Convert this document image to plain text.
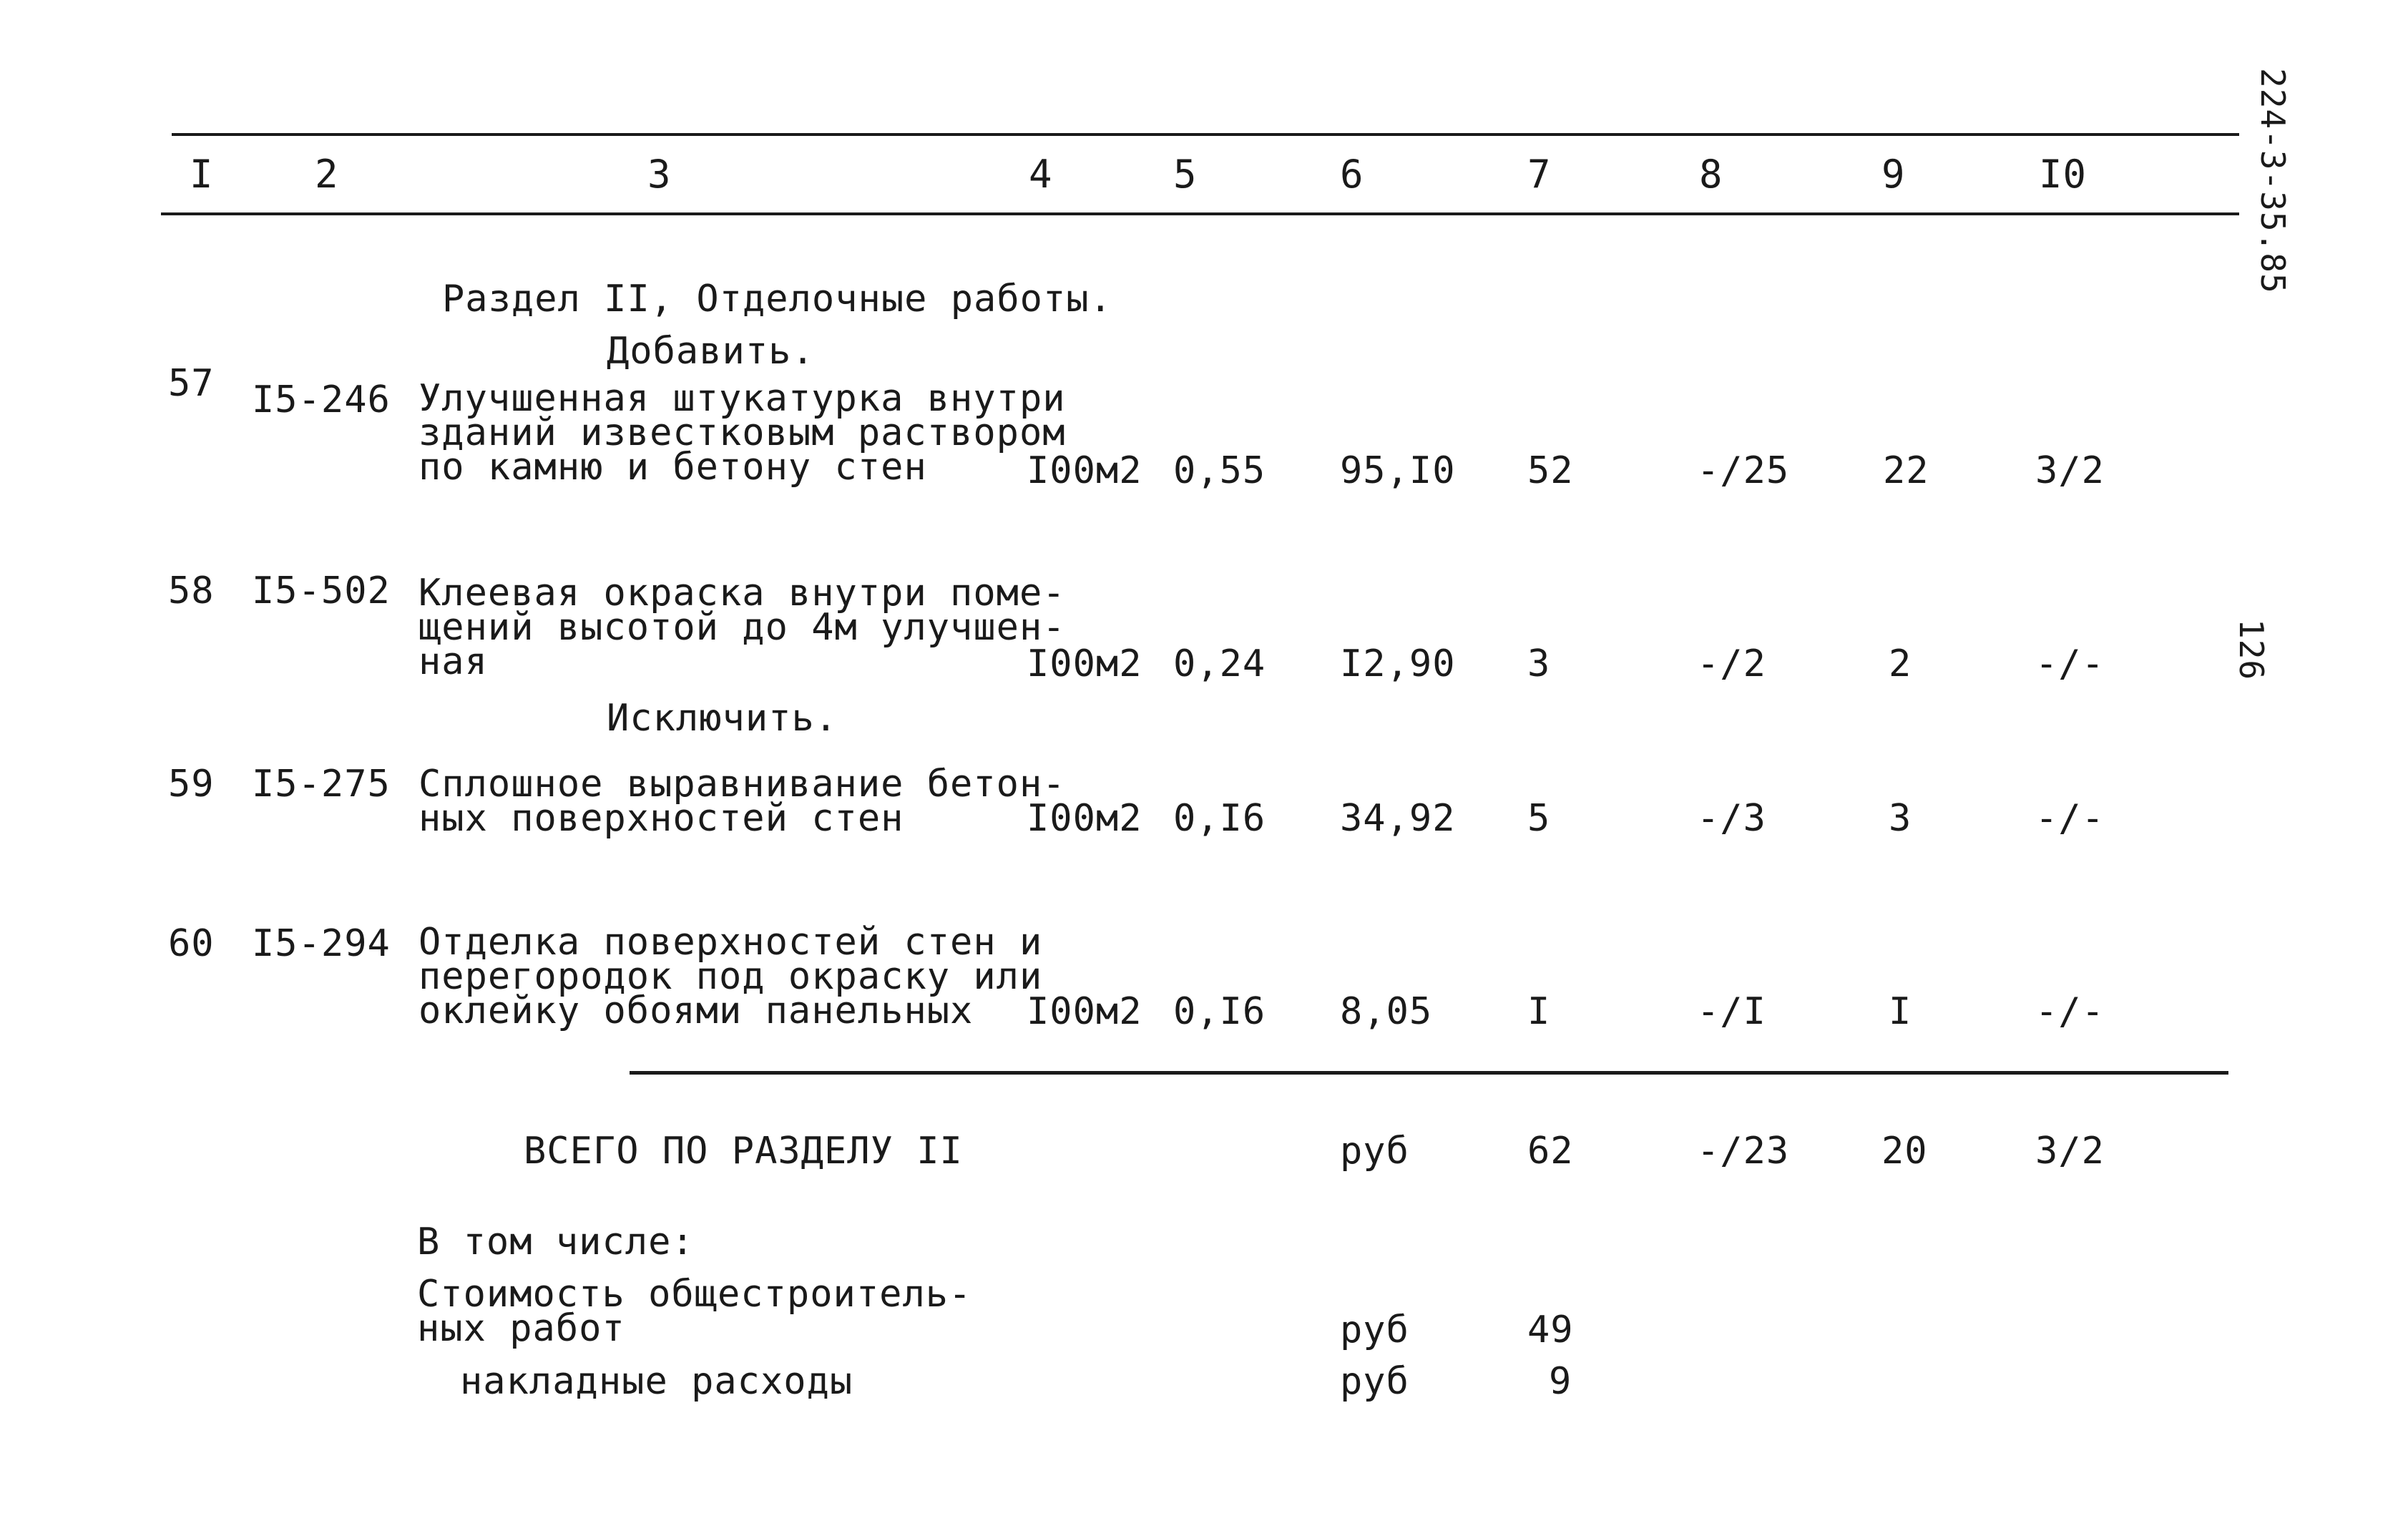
I	2	3	4	5	6	7	8	9	I0	224-3-35.85
126
Раздел II, Отделочные работы.
Добавить.
57 I5-246 Улучшенная штукатурка внутри
зданий известковым раствором
по камню и бетону стен	I00м2 0,55 95,I0 52	-/25	22	3/2
58 I5-502 Клеевая окраска внутри поме-
щений высотой до 4м улучшен-
ная	I00м2 0,24 I2,90 3	-/2	2	-/-
Исключить.
59 I5-275 Сплошное выравнивание бетон-
ных поверхностей стен	I00м2 0,I6 34,92 5	-/3	3	-/-
60 I5-294 Отделка поверхностей стен и
перегородок под окраску или
оклейку обоями панельных	I00м2 0,I6 8,05	I	-/I	I	-/-
ВСЕГО ПО РАЗДЕЛУ II	руб	62	-/23 20	3/2
В том числе:
Стоимость общестроитель-
ных работ	руб	49
накладные расходы	руб	9
